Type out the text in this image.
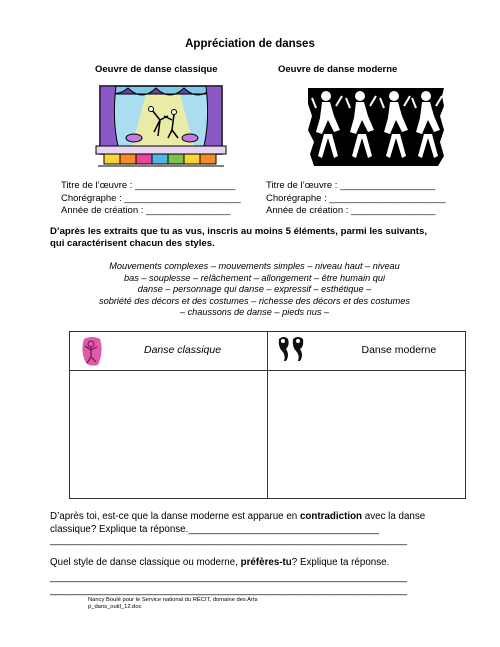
Appréciation de danses
Oeuvre de danse classique
Titre de l’œuvre : ___________________
Chorégraphe : ______________________
Année de création : ________________
Oeuvre de danse moderne
Titre de l’œuvre : __________________
Chorégraphe : ______________________
Année de création : ________________
D’après les extraits que tu as vus, inscris au moins 5 éléments, parmi les suivants,
qui caractérisent chacun des styles.
Mouvements complexes – mouvements simples – niveau haut – niveau
bas – souplesse – relâchement – allongement – être humain qui
danse – personnage qui danse – expressif – esthétique –
sobriété des décors et des costumes – richesse des décors et des costumes
– chaussons de danse – pieds nus –
Danse classique	Danse moderne

D’après toi, est-ce que la danse moderne est apparue en contradiction avec la danse
classique? Explique ta réponse.___________________________________
____________________________________________________________________
Quel style de danse classique ou moderne, préfères-tu? Explique ta réponse.
____________________________________________________________________
____________________________________________________________________
Nancy Boulé pour le Service national du RÉCIT, domaine des Arts
p_dans_outil_12.doc
